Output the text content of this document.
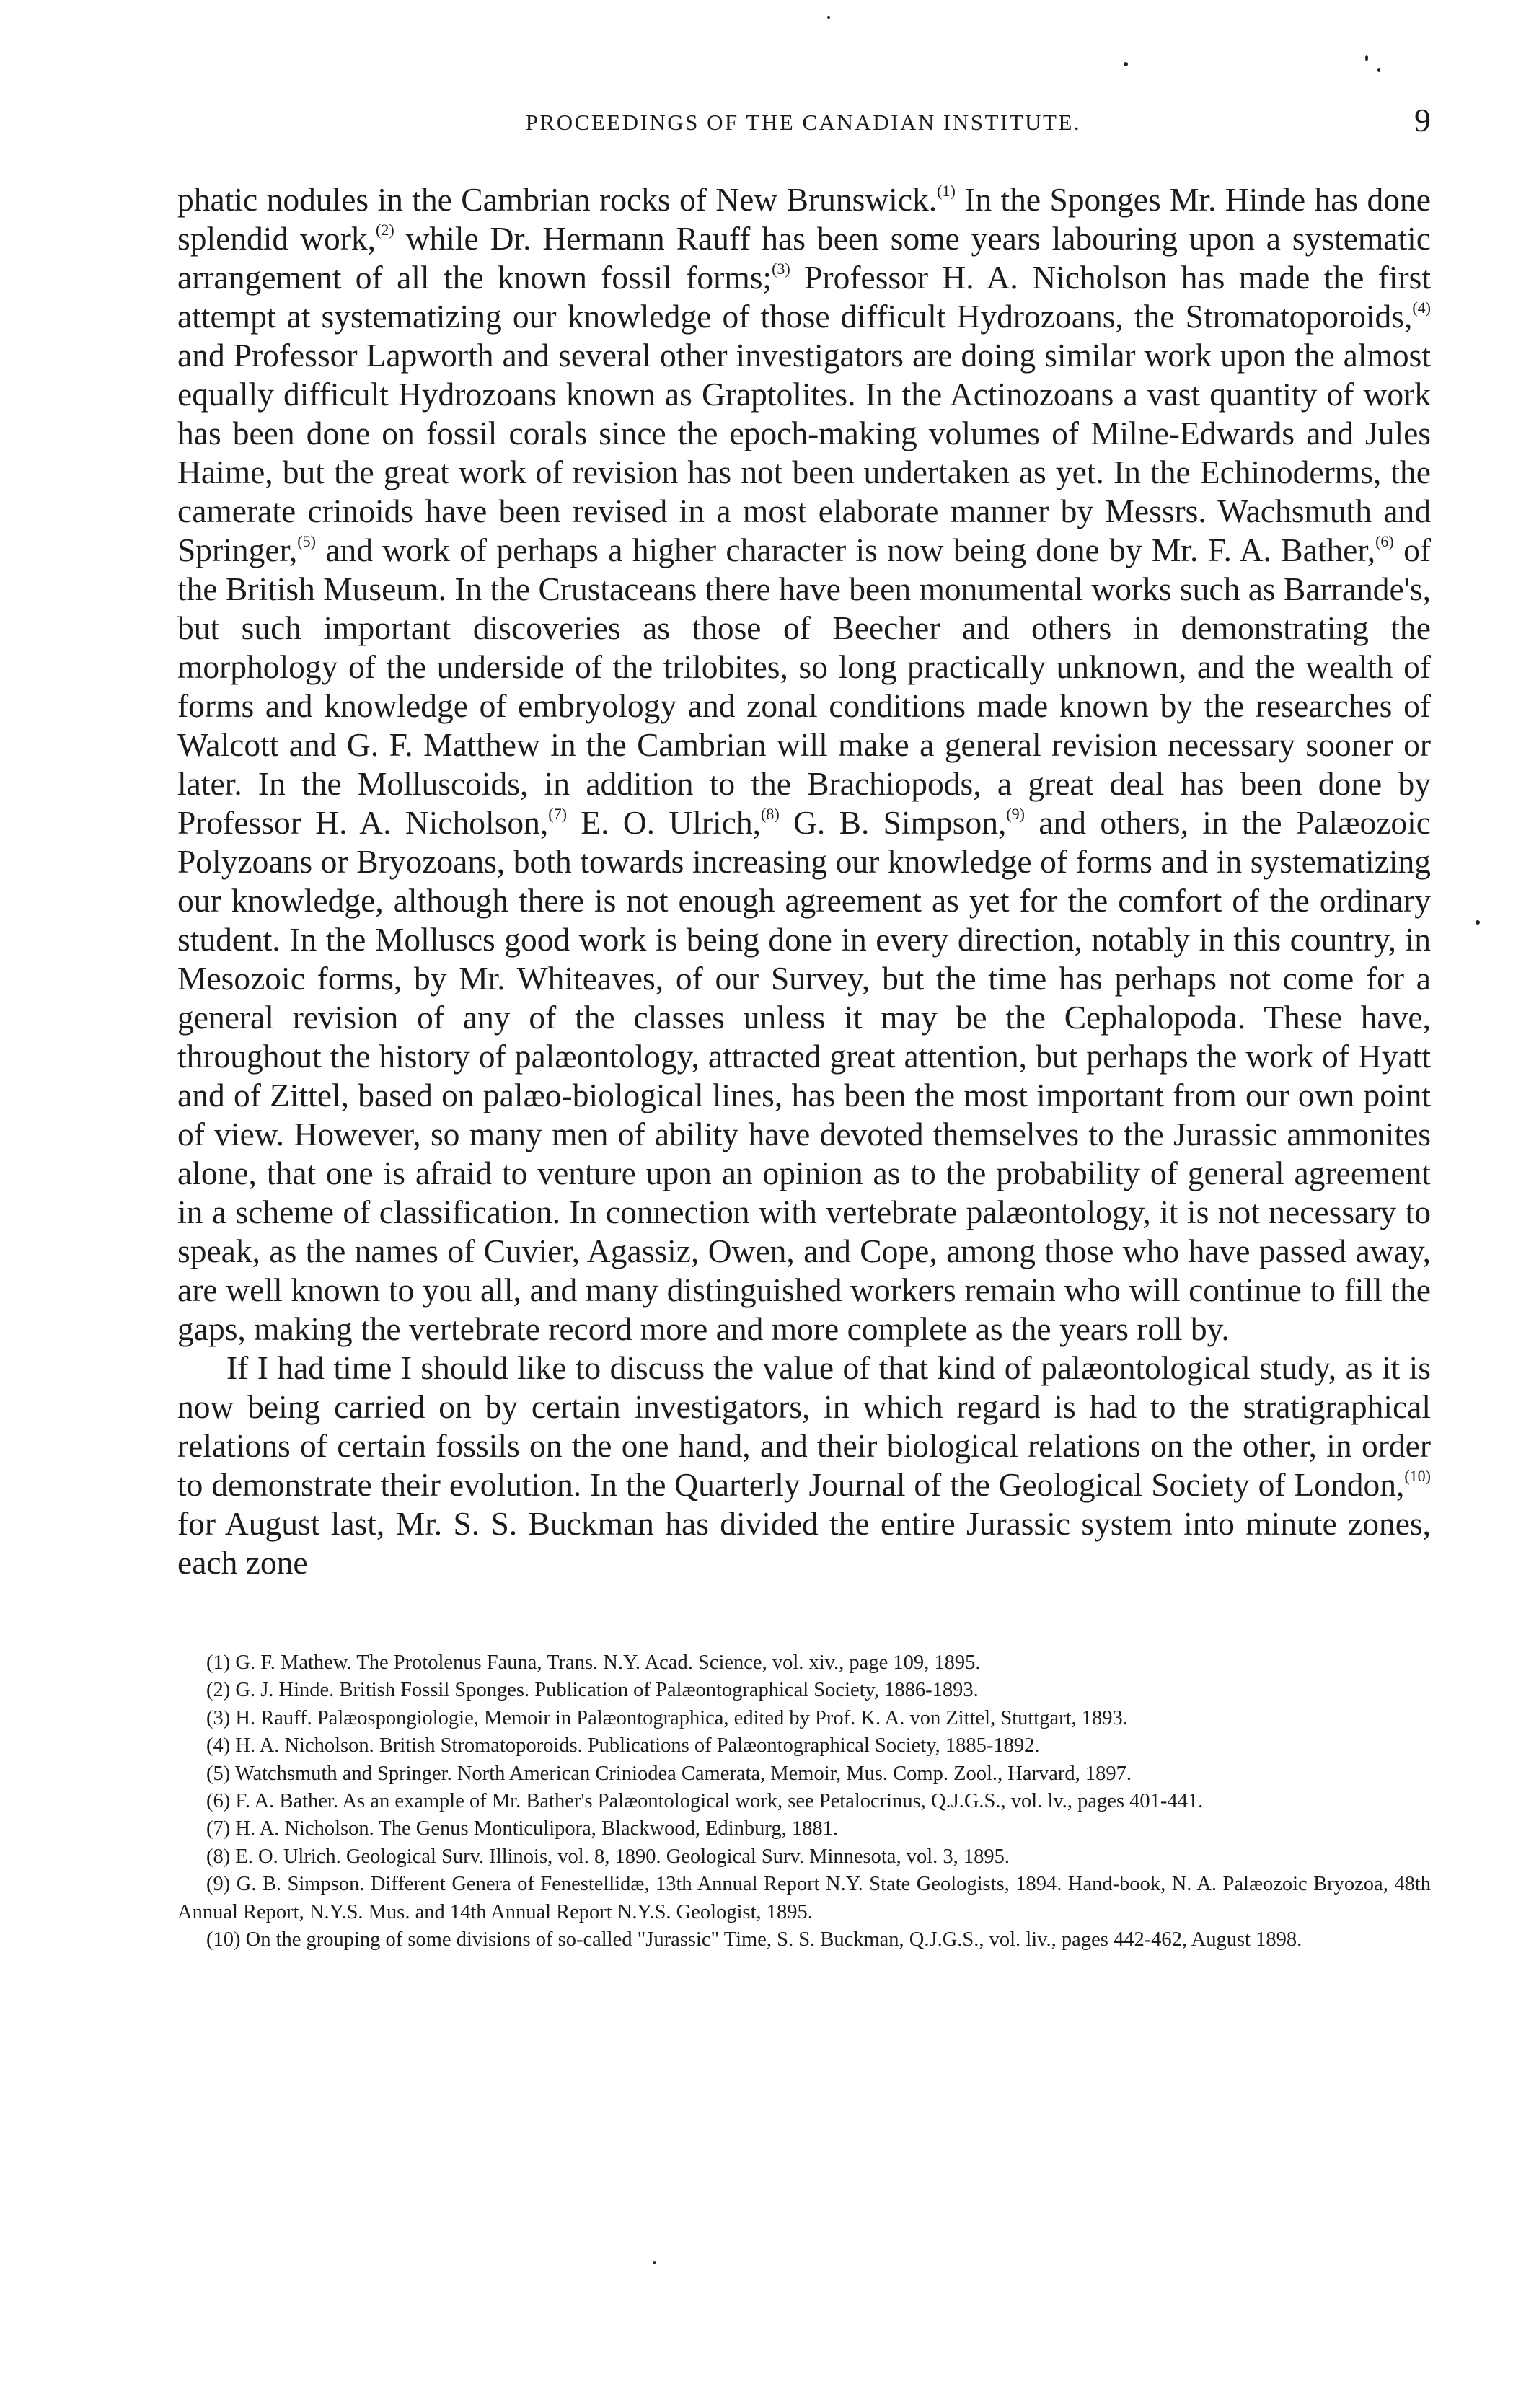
PROCEEDINGS OF THE CANADIAN INSTITUTE.	9

phatic nodules in the Cambrian rocks of New Brunswick.$^{(1)}$ In the Sponges Mr. Hinde has done splendid work,$^{(2)}$ while Dr. Hermann Rauff has been some years labouring upon a systematic arrangement of all the known fossil forms;$^{(3)}$ Professor H. A. Nicholson has made the first attempt at systematizing our knowledge of those difficult Hydrozoans, the Stromatoporoids,$^{(4)}$ and Professor Lapworth and several other investigators are doing similar work upon the almost equally difficult Hydrozoans known as Graptolites. In the Actinozoans a vast quantity of work has been done on fossil corals since the epoch-making volumes of Milne-Edwards and Jules Haime, but the great work of revision has not been undertaken as yet. In the Echinoderms, the camerate crinoids have been revised in a most elaborate manner by Messrs. Wachsmuth and Springer,$^{(5)}$ and work of perhaps a higher character is now being done by Mr. F. A. Bather,$^{(6)}$ of the British Museum. In the Crustaceans there have been monumental works such as Barrande's, but such important discoveries as those of Beecher and others in demonstrating the morphology of the underside of the trilobites, so long practically unknown, and the wealth of forms and knowledge of embryology and zonal conditions made known by the researches of Walcott and G. F. Matthew in the Cambrian will make a general revision necessary sooner or later. In the Molluscoids, in addition to the Brachiopods, a great deal has been done by Professor H. A. Nicholson,$^{(7)}$ E. O. Ulrich,$^{(8)}$ G. B. Simpson,$^{(9)}$ and others, in the Palæozoic Polyzoans or Bryozoans, both towards increasing our knowledge of forms and in systematizing our knowledge, although there is not enough agreement as yet for the comfort of the ordinary student. In the Molluscs good work is being done in every direction, notably in this country, in Mesozoic forms, by Mr. Whiteaves, of our Survey, but the time has perhaps not come for a general revision of any of the classes unless it may be the Cephalopoda. These have, throughout the history of palæontology, attracted great attention, but perhaps the work of Hyatt and of Zittel, based on palæo-biological lines, has been the most important from our own point of view. However, so many men of ability have devoted themselves to the Jurassic ammonites alone, that one is afraid to venture upon an opinion as to the probability of general agreement in a scheme of classification. In connection with vertebrate palæontology, it is not necessary to speak, as the names of Cuvier, Agassiz, Owen, and Cope, among those who have passed away, are well known to you all, and many distinguished workers remain who will continue to fill the gaps, making the vertebrate record more and more complete as the years roll by.

If I had time I should like to discuss the value of that kind of palæontological study, as it is now being carried on by certain investigators, in which regard is had to the stratigraphical relations of certain fossils on the one hand, and their biological relations on the other, in order to demonstrate their evolution. In the Quarterly Journal of the Geological Society of London,$^{(10)}$ for August last, Mr. S. S. Buckman has divided the entire Jurassic system into minute zones, each zone

(1) G. F. Mathew. The Protolenus Fauna, Trans. N.Y. Acad. Science, vol. xiv., page 109, 1895.

(2) G. J. Hinde. British Fossil Sponges. Publication of Palæontographical Society, 1886-1893.

(3) H. Rauff. Palæospongiologie, Memoir in Palæontographica, edited by Prof. K. A. von Zittel, Stuttgart, 1893.

(4) H. A. Nicholson. British Stromatoporoids. Publications of Palæontographical Society, 1885-1892.

(5) Watchsmuth and Springer. North American Criniodea Camerata, Memoir, Mus. Comp. Zool., Harvard, 1897.

(6) F. A. Bather. As an example of Mr. Bather's Palæontological work, see Petalocrinus, Q.J.G.S., vol. lv., pages 401-441.

(7) H. A. Nicholson. The Genus Monticulipora, Blackwood, Edinburg, 1881.

(8) E. O. Ulrich. Geological Surv. Illinois, vol. 8, 1890. Geological Surv. Minnesota, vol. 3, 1895.

(9) G. B. Simpson. Different Genera of Fenestellidæ, 13th Annual Report N.Y. State Geologists, 1894. Hand-book, N. A. Palæozoic Bryozoa, 48th Annual Report, N.Y.S. Mus. and 14th Annual Report N.Y.S. Geologist, 1895.

(10) On the grouping of some divisions of so-called "Jurassic" Time, S. S. Buckman, Q.J.G.S., vol. liv., pages 442-462, August 1898.
